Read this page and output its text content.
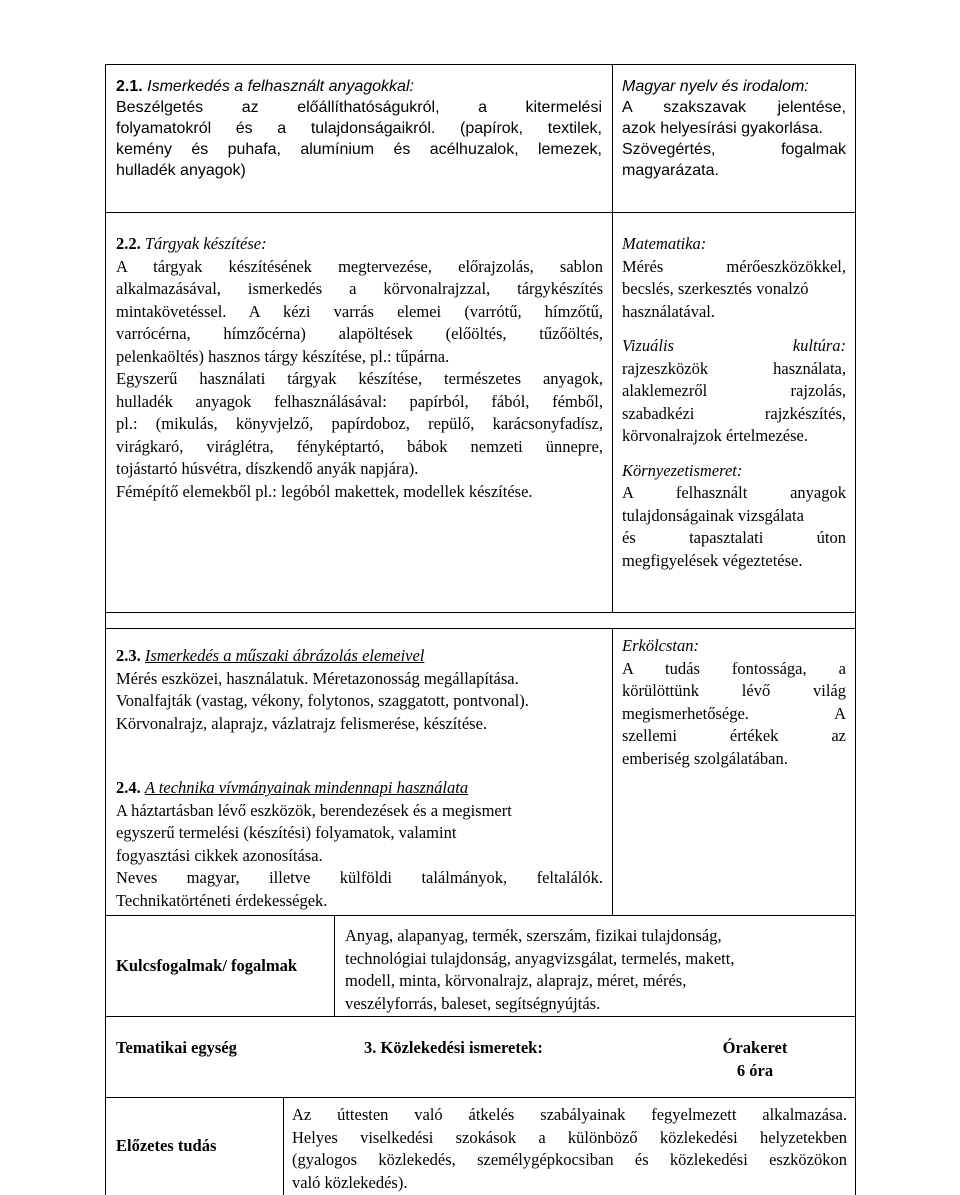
2.1. Ismerkedés a felhasznált anyagokkal:

Beszélgetés az előállíthatóságukról, a kitermelési

folyamatokról és a tulajdonságaikról. (papírok, textilek,

kemény és puhafa, alumínium és acélhuzalok, lemezek,

hulladék anyagok)

Magyar nyelv és irodalom:

A szakszavak jelentése,

azok helyesírási gyakorlása.

Szövegértés, fogalmak

magyarázata.

2.2. Tárgyak készítése:

A tárgyak készítésének megtervezése, előrajzolás, sablon

alkalmazásával, ismerkedés a körvonalrajzzal, tárgykészítés

mintakövetéssel. A kézi varrás elemei (varrótű, hímzőtű,

varrócérna, hímzőcérna) alapöltések (előöltés, tűzőöltés,

pelenkaöltés) hasznos tárgy készítése, pl.: tűpárna.

Egyszerű használati tárgyak készítése, természetes anyagok,

hulladék anyagok felhasználásával: papírból, fából, fémből,

pl.: (mikulás, könyvjelző, papírdoboz, repülő, karácsonyfadísz,

virágkaró, viráglétra, fényképtartó, bábok nemzeti ünnepre,

tojástartó húsvétra, díszkendő anyák napjára).

Fémépítő elemekből pl.: legóból makettek, modellek készítése.

Matematika:

Mérés mérőeszközökkel,

becslés, szerkesztés vonalzó

használatával.

Vizuális kultúra:

rajzeszközök használata,

alaklemezről rajzolás,

szabadkézi rajzkészítés,

körvonalrajzok értelmezése.

Környezetismeret:

A felhasznált anyagok

tulajdonságainak vizsgálata

és tapasztalati úton

megfigyelések végeztetése.

2.3. Ismerkedés a műszaki ábrázolás elemeivel

Mérés eszközei, használatuk. Méretazonosság megállapítása.

Vonalfajták (vastag, vékony, folytonos, szaggatott, pontvonal).

Körvonalrajz, alaprajz, vázlatrajz felismerése, készítése.

Erkölcstan:

A tudás fontossága, a

körülöttünk lévő világ

megismerhetősége. A

szellemi értékek az

emberiség szolgálatában.

2.4. A technika vívmányainak mindennapi használata

A háztartásban lévő eszközök, berendezések és a megismert

egyszerű termelési (készítési) folyamatok, valamint

fogyasztási cikkek azonosítása.

Neves magyar, illetve külföldi találmányok, feltalálók.

Technikatörténeti érdekességek.

Kulcsfogalmak/ fogalmak

Anyag, alapanyag, termék, szerszám, fizikai tulajdonság,

technológiai tulajdonság, anyagvizsgálat, termelés, makett,

modell, minta, körvonalrajz, alaprajz, méret, mérés,

veszélyforrás, baleset, segítségnyújtás.

Tematikai egység	3. Közlekedési ismeretek:	Órakeret

6 óra

Előzetes tudás

Az úttesten való átkelés szabályainak fegyelmezett alkalmazása.

Helyes viselkedési szokások a különböző közlekedési helyzetekben

(gyalogos közlekedés, személygépkocsiban és közlekedési eszközökon

való közlekedés).
